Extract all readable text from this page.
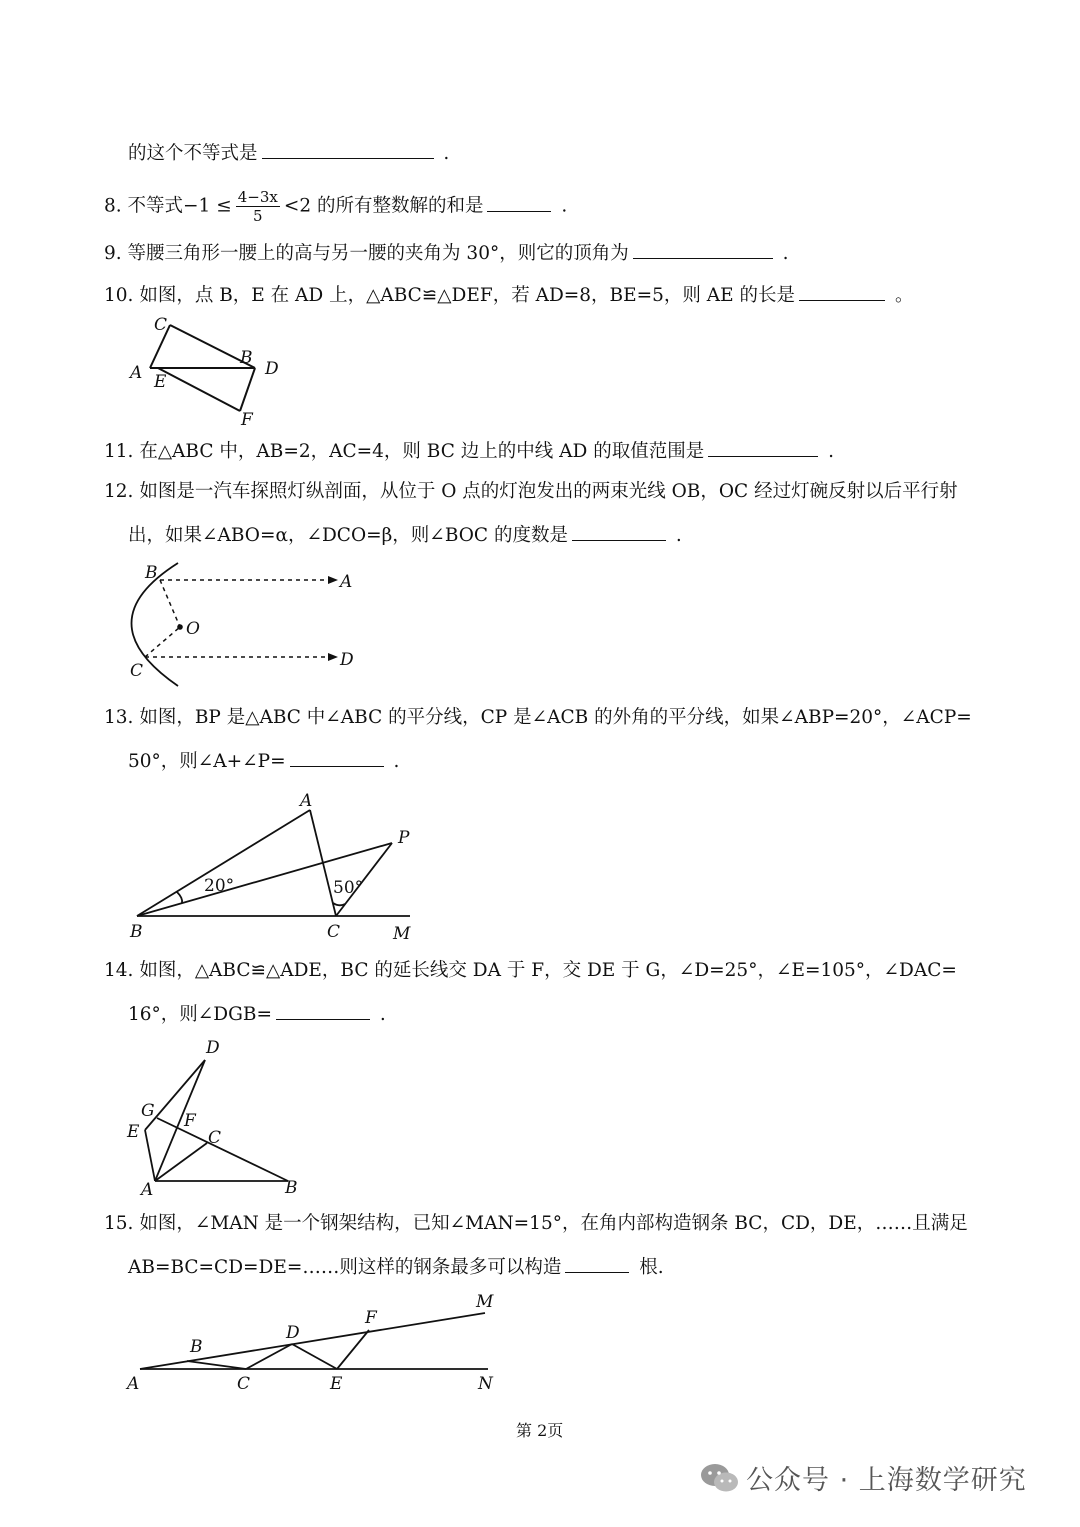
的这个不等式是	.
8. 不等式$-1 \le \frac{4-3x}{5} <2$ 的所有整数解的和是	.
9. 等腰三角形一腰上的高与另一腰的夹角为 30°，则它的顶角为	.
10. 如图，点 B，E 在 AD 上，△ABC≌△DEF，若 AD=8，BE=5，则 AE 的长是	。
C
A E
B
D
F
11. 在△ABC 中，AB=2，AC=4，则 BC 边上的中线 AD 的取值范围是	.
12. 如图是一汽车探照灯纵剖面，从位于 O 点的灯泡发出的两束光线 OB，OC 经过灯碗反射以后平行射
出，如果∠ABO=α，∠DCO=β，则∠BOC 的度数是	.
B	A
O
C
D
13. 如图，BP 是△ABC 中∠ABC 的平分线，CP 是∠ACB 的外角的平分线，如果∠ABP=20°，∠ACP=
50°，则∠A+∠P=	.
A
P
20°	50°
B	C	M
14. 如图，△ABC≌△ADE，BC 的延长线交 DA 于 F，交 DE 于 G，∠D=25°，∠E=105°，∠DAC=
16°，则∠DGB=	.
D
G F
E	C
A	B
15. 如图，∠MAN 是一个钢架结构，已知∠MAN=15°，在角内部构造钢条 BC，CD，DE，……且满足
AB=BC=CD=DE=……则这样的钢条最多可以构造	根.
M
F
D
B
A	C	E	N
第 2页
公众号 · 上海数学研究
